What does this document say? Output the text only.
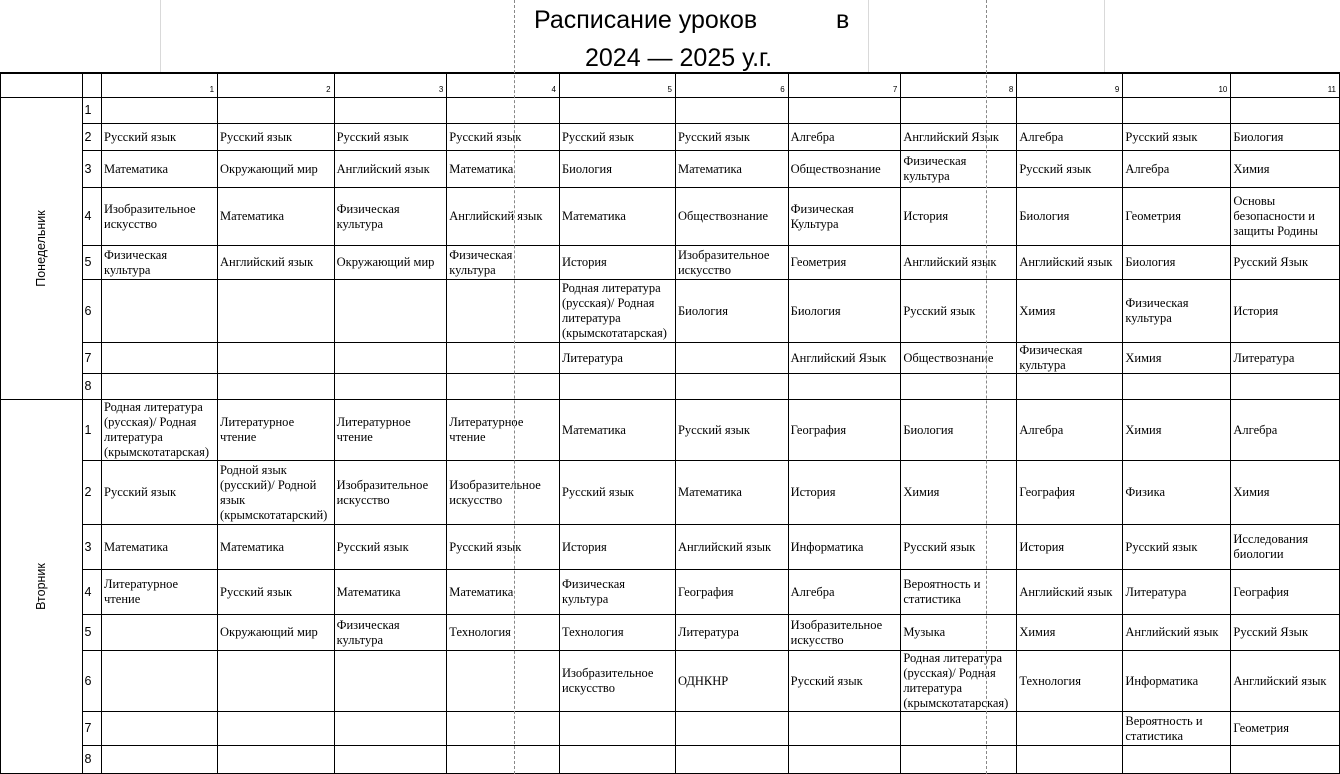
Расписание уроков	в
2024 — 2025 у.г.
		1	2	3	4	5	6	7	8	9	10	11
Понедельник	1											
	2	Русский язык	Русский язык	Русский язык	Русский язык	Русский язык	Русский язык	Алгебра	Английский Язык	Алгебра	Русский язык	Биология
	3	Математика	Окружающий мир	Английский язык	Математика	Биология	Математика	Обществознание	Физическая культура	Русский язык	Алгебра	Химия
	4	Изобразительное искусство	Математика	Физическая культура	Английский язык	Математика	Обществознание	Физическая Культура	История	Биология	Геометрия	Основы безопасности и защиты Родины
	5	Физическая культура	Английский язык	Окружающий мир	Физическая культура	История	Изобразительное искусство	Геометрия	Английский язык	Английский язык	Биология	Русский Язык
	6					Родная литература (русская)/ Родная литература (крымскотатарская)	Биология	Биология	Русский язык	Химия	Физическая культура	История
	7					Литература		Английский Язык	Обществознание	Физическая культура	Химия	Литература
	8											
Вторник	1	Родная литература (русская)/ Родная литература (крымскотатарская)	Литературное чтение	Литературное чтение	Литературное чтение	Математика	Русский язык	География	Биология	Алгебра	Химия	Алгебра
	2	Русский язык	Родной язык (русский)/ Родной язык (крымскотатарский)	Изобразительное искусство	Изобразительное искусство	Русский язык	Математика	История	Химия	География	Физика	Химия
	3	Математика	Математика	Русский язык	Русский язык	История	Английский язык	Информатика	Русский язык	История	Русский язык	Исследования биологии
	4	Литературное чтение	Русский язык	Математика	Математика	Физическая культура	География	Алгебра	Вероятность и статистика	Английский язык	Литература	География
	5		Окружающий мир	Физическая культура	Технология	Технология	Литература	Изобразительное искусство	Музыка	Химия	Английский язык	Русский Язык
	6					Изобразительное искусство	ОДНКНР	Русский язык	Родная литература (русская)/ Родная литература (крымскотатарская)	Технология	Информатика	Английский язык
	7										Вероятность и статистика	Геометрия
	8											
